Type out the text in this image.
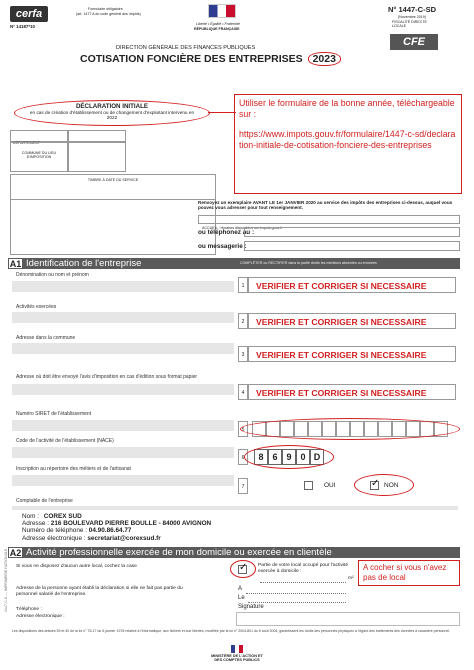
cerfa
N° 14187*10
Formulaire obligatoire
(art. 1477 A du code général des impôts)
Liberté • Égalité • Fraternité
RÉPUBLIQUE FRANÇAISE
N° 1447-C-SD
(Novembre 2019)
FISCALITÉ DIRECTE LOCALE
CFE
DIRECTION GÉNÉRALE DES FINANCES PUBLIQUES
COTISATION FONCIÈRE DES ENTREPRISES 2023
DÉCLARATION INITIALE
en cas de création d'établissement ou de changement d'exploitant intervenu en 2022
DÉPARTEMENT
COMMUNE DU LIEU D'IMPOSITION
TIMBRE À DATE DU SERVICE
Utiliser le formulaire de la bonne année, téléchargeable sur :
https://www.impots.gouv.fr/formulaire/1447-c-sd/declaration-initiale-de-cotisation-fonciere-des-entreprises
Renvoyez un exemplaire AVANT LE 1er JANVIER 2020 au service des impôts des entreprises ci-dessus, auquel vous pouvez vous adresser pour tout renseignement.
ACCUEIL : Horaires disponibles sur impots.gouv.fr
ou téléphonez au :
ou messagerie :
A1 Identification de l'entreprise	COMPLÉTER ou RECTIFIER dans la partie droite les mentions absentes ou erronées
Dénomination ou nom et prénom
1	VERIFIER ET CORRIGER SI NECESSAIRE
Activités exercées
2	VERIFIER ET CORRIGER SI NECESSAIRE
Adresse dans la commune
3	VERIFIER ET CORRIGER SI NECESSAIRE
Adresse où doit être envoyé l'avis d'imposition en cas d'édition sous format papier
4	VERIFIER ET CORRIGER SI NECESSAIRE
Numéro SIRET de l'établissement
5
Code de l'activité de l'établissement (NACE)
6	8 6 9 0 D
Inscription au répertoire des métiers et de l'artisanat
7	OUI	✓ NON
Comptable de l'entreprise
Nom : COREX SUD
Adresse : 216 BOULEVARD PIERRE BOULLE - 84000 AVIGNON
Numéro de téléphone : 04.90.86.64.77
Adresse électronique : secretariat@corexsud.fr
A2 Activité professionnelle exercée de mon domicile ou exercée en clientèle
Si vous ne disposez d'aucun autre local, cochez la case	✓ Partie de votre local occupé pour l'activité exercée à domicile :
m²
A cocher si vous n'avez pas de local
Adresse de la personne ayant établi la déclaration si elle ne fait pas partie du personnel salarié de l'entreprise.
Téléphone :
Adresse électronique :
A
Le
Signature
Les dispositions des articles 39 et 40 de la loi n° 78-17 du 6 janvier 1978 relative à l'informatique, aux fichiers et aux libertés, modifiée par la loi n° 2004-801 du 6 août 2004, garantissent les droits des personnes physiques à l'égard des traitements des données à caractère personnel.
MINISTÈRE DE L'ACTION ET DES COMPTES PUBLICS
1447-C-K — IMPRIMERIE NATIONALE
